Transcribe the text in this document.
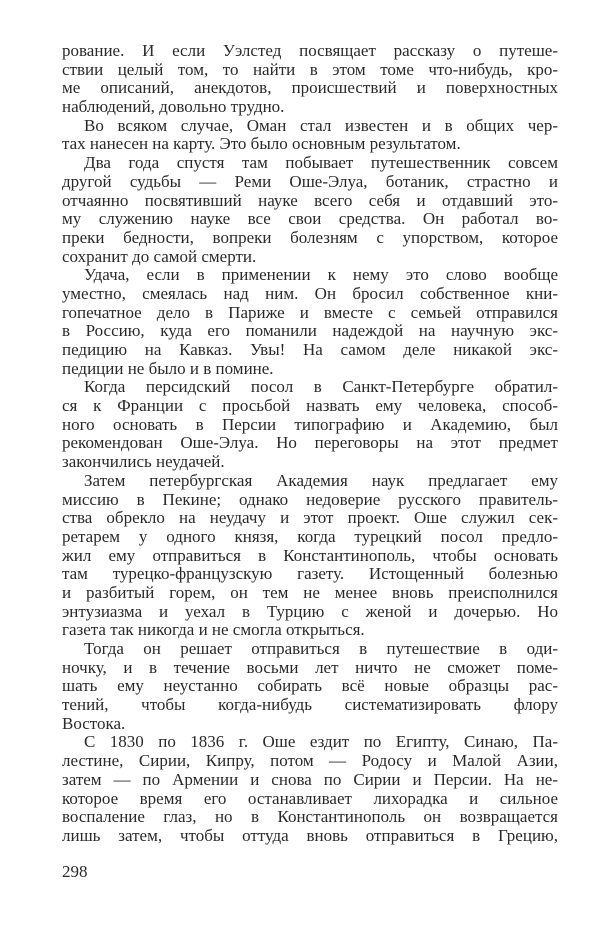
рование. И если Уэлстед посвящает рассказу о путеше-
ствии целый том, то найти в этом томе что-нибудь, кро-
ме описаний, анекдотов, происшествий и поверхностных
наблюдений, довольно трудно.
Во всяком случае, Оман стал известен и в общих чер-
тах нанесен на карту. Это было основным результатом.
Два года спустя там побывает путешественник совсем
другой судьбы — Реми Оше-Элуа, ботаник, страстно и
отчаянно посвятивший науке всего себя и отдавший это-
му служению науке все свои средства. Он работал во-
преки бедности, вопреки болезням с упорством, которое
сохранит до самой смерти.
Удача, если в применении к нему это слово вообще
уместно, смеялась над ним. Он бросил собственное кни-
гопечатное дело в Париже и вместе с семьей отправился
в Россию, куда его поманили надеждой на научную экс-
педицию на Кавказ. Увы! На самом деле никакой экс-
педиции не было и в помине.
Когда персидский посол в Санкт-Петербурге обратил-
ся к Франции с просьбой назвать ему человека, способ-
ного основать в Персии типографию и Академию, был
рекомендован Оше-Элуа. Но переговоры на этот предмет
закончились неудачей.
Затем петербургская Академия наук предлагает ему
миссию в Пекине; однако недоверие русского правитель-
ства обрекло на неудачу и этот проект. Оше служил сек-
ретарем у одного князя, когда турецкий посол предло-
жил ему отправиться в Константинополь, чтобы основать
там турецко-французскую газету. Истощенный болезнью
и разбитый горем, он тем не менее вновь преисполнился
энтузиазма и уехал в Турцию с женой и дочерью. Но
газета так никогда и не смогла открыться.
Тогда он решает отправиться в путешествие в оди-
ночку, и в течение восьми лет ничто не сможет поме-
шать ему неустанно собирать всё новые образцы рас-
тений, чтобы когда-нибудь систематизировать флору
Востока.
С 1830 по 1836 г. Оше ездит по Египту, Синаю, Па-
лестине, Сирии, Кипру, потом — Родосу и Малой Азии,
затем — по Армении и снова по Сирии и Персии. На не-
которое время его останавливает лихорадка и сильное
воспаление глаз, но в Константинополь он возвращается
лишь затем, чтобы оттуда вновь отправиться в Грецию,
298
